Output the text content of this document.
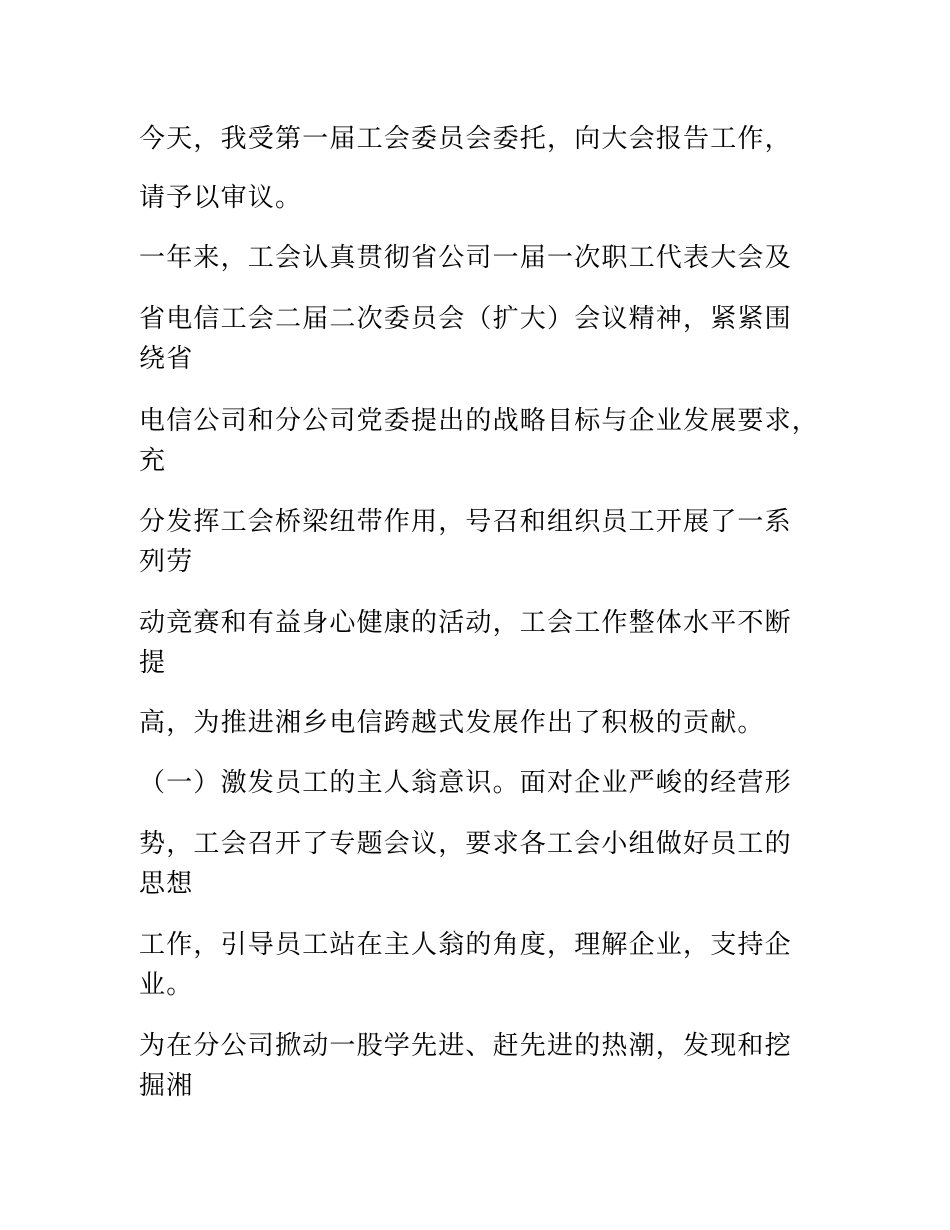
今天，我受第一届工会委员会委托，向大会报告工作，

请予以审议。

一年来，工会认真贯彻省公司一届一次职工代表大会及

省电信工会二届二次委员会（扩大）会议精神，紧紧围
绕省

电信公司和分公司党委提出的战略目标与企业发展要求，
充

分发挥工会桥梁纽带作用，号召和组织员工开展了一系
列劳

动竞赛和有益身心健康的活动，工会工作整体水平不断
提

高，为推进湘乡电信跨越式发展作出了积极的贡献。

（一）激发员工的主人翁意识。面对企业严峻的经营形

势，工会召开了专题会议，要求各工会小组做好员工的
思想

工作，引导员工站在主人翁的角度，理解企业，支持企
业。

为在分公司掀动一股学先进、赶先进的热潮，发现和挖
掘湘
